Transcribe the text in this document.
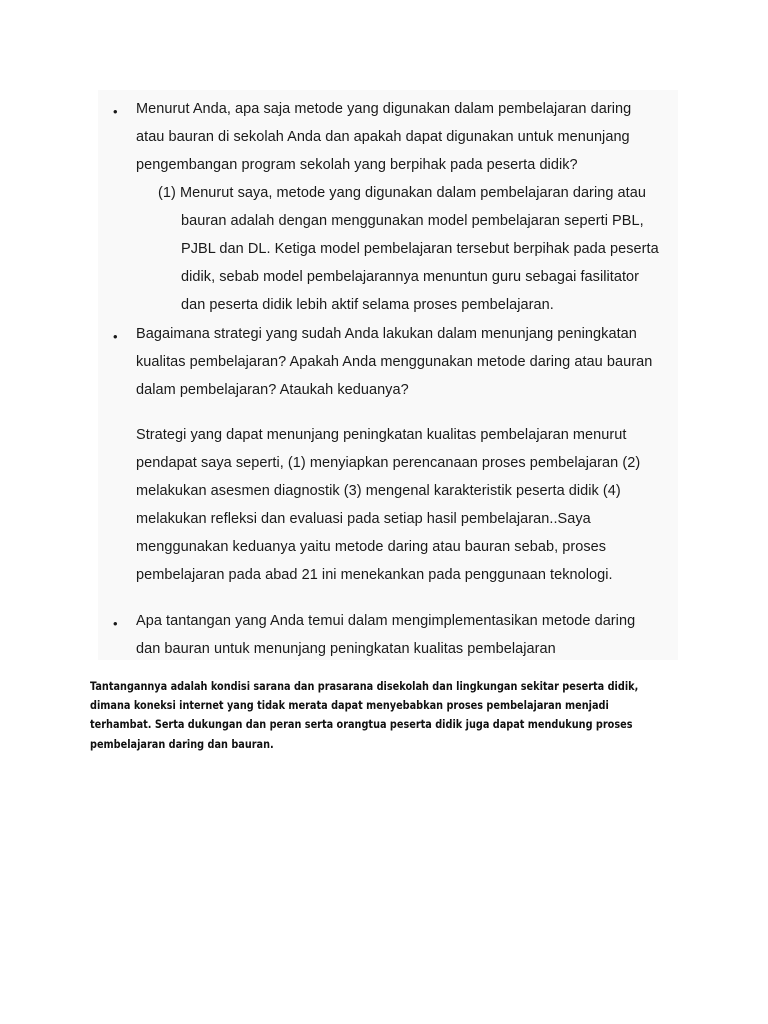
• Menurut Anda, apa saja metode yang digunakan dalam pembelajaran daring
atau bauran di sekolah Anda dan apakah dapat digunakan untuk menunjang
pengembangan program sekolah yang berpihak pada peserta didik?
(1) Menurut saya, metode yang digunakan dalam pembelajaran daring atau
bauran adalah dengan menggunakan model pembelajaran seperti PBL,
PJBL dan DL. Ketiga model pembelajaran tersebut berpihak pada peserta
didik, sebab model pembelajarannya menuntun guru sebagai fasilitator
dan peserta didik lebih aktif selama proses pembelajaran.
• Bagaimana strategi yang sudah Anda lakukan dalam menunjang peningkatan
kualitas pembelajaran? Apakah Anda menggunakan metode daring atau bauran
dalam pembelajaran? Ataukah keduanya?
Strategi yang dapat menunjang peningkatan kualitas pembelajaran menurut
pendapat saya seperti, (1) menyiapkan perencanaan proses pembelajaran (2)
melakukan asesmen diagnostik (3) mengenal karakteristik peserta didik (4)
melakukan refleksi dan evaluasi pada setiap hasil pembelajaran..Saya
menggunakan keduanya yaitu metode daring atau bauran sebab, proses
pembelajaran pada abad 21 ini menekankan pada penggunaan teknologi.
• Apa tantangan yang Anda temui dalam mengimplementasikan metode daring
dan bauran untuk menunjang peningkatan kualitas pembelajaran
Tantangannya adalah kondisi sarana dan prasarana disekolah dan lingkungan sekitar peserta didik,
dimana koneksi internet yang tidak merata dapat menyebabkan proses pembelajaran menjadi
terhambat. Serta dukungan dan peran serta orangtua peserta didik juga dapat mendukung proses
pembelajaran daring dan bauran.
